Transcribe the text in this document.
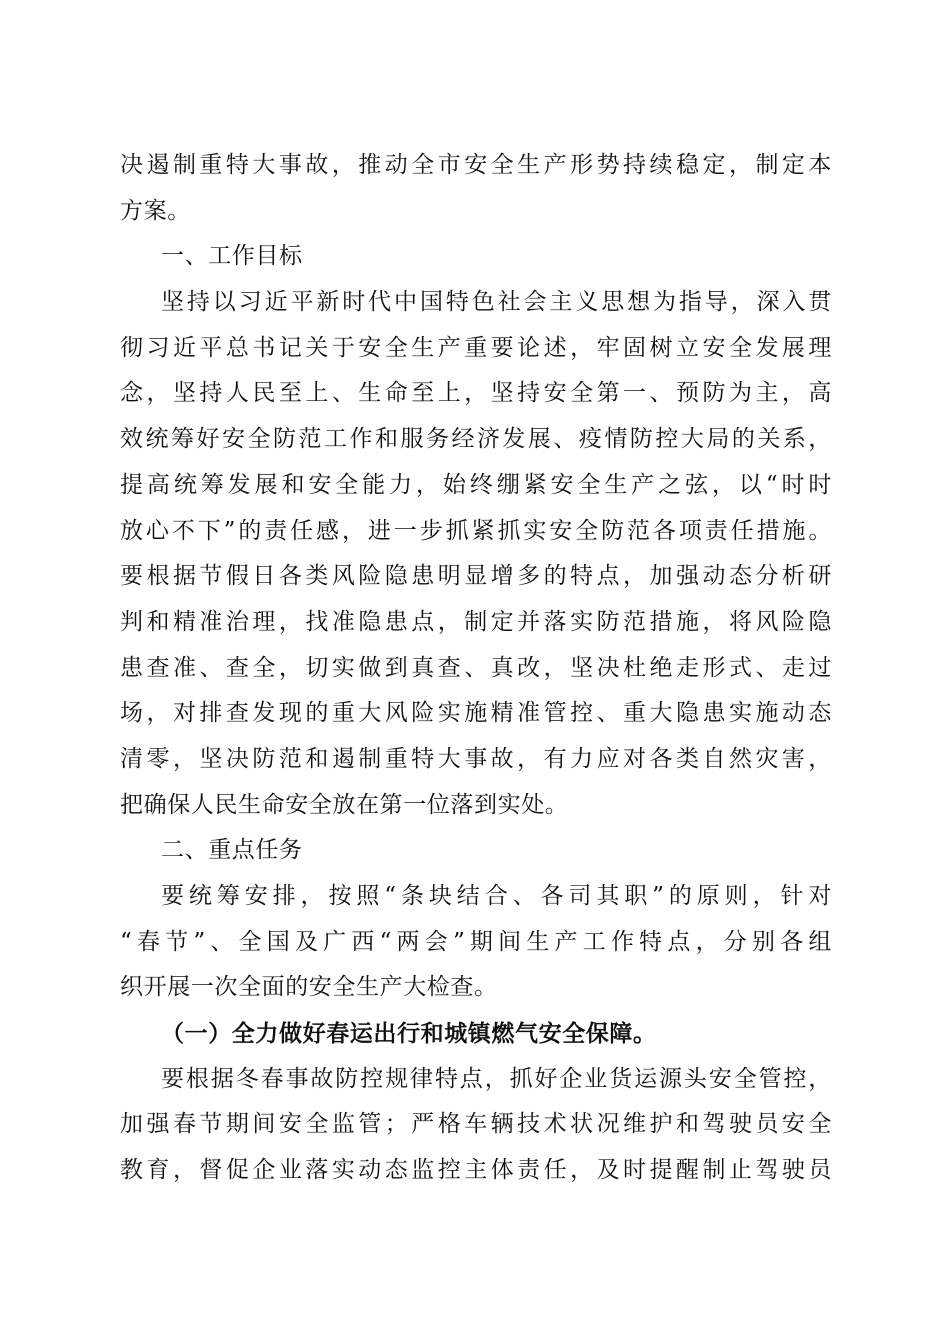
决遏制重特大事故，推动全市安全生产形势持续稳定，制定本
方案。
一、工作目标
坚持以习近平新时代中国特色社会主义思想为指导，深入贯
彻习近平总书记关于安全生产重要论述，牢固树立安全发展理
念，坚持人民至上、生命至上，坚持安全第一、预防为主，高
效统筹好安全防范工作和服务经济发展、疫情防控大局的关系，
提高统筹发展和安全能力，始终绷紧安全生产之弦，以“时时
放心不下”的责任感，进一步抓紧抓实安全防范各项责任措施。
要根据节假日各类风险隐患明显增多的特点，加强动态分析研
判和精准治理，找准隐患点，制定并落实防范措施，将风险隐
患查准、查全，切实做到真查、真改，坚决杜绝走形式、走过
场，对排查发现的重大风险实施精准管控、重大隐患实施动态
清零，坚决防范和遏制重特大事故，有力应对各类自然灾害，
把确保人民生命安全放在第一位落到实处。
二、重点任务
要统筹安排，按照“条块结合、各司其职”的原则，针对
“春节”、全国及广西“两会”期间生产工作特点，分别各组
织开展一次全面的安全生产大检查。
（一）全力做好春运出行和城镇燃气安全保障。
要根据冬春事故防控规律特点，抓好企业货运源头安全管控，
加强春节期间安全监管；严格车辆技术状况维护和驾驶员安全
教育，督促企业落实动态监控主体责任，及时提醒制止驾驶员
